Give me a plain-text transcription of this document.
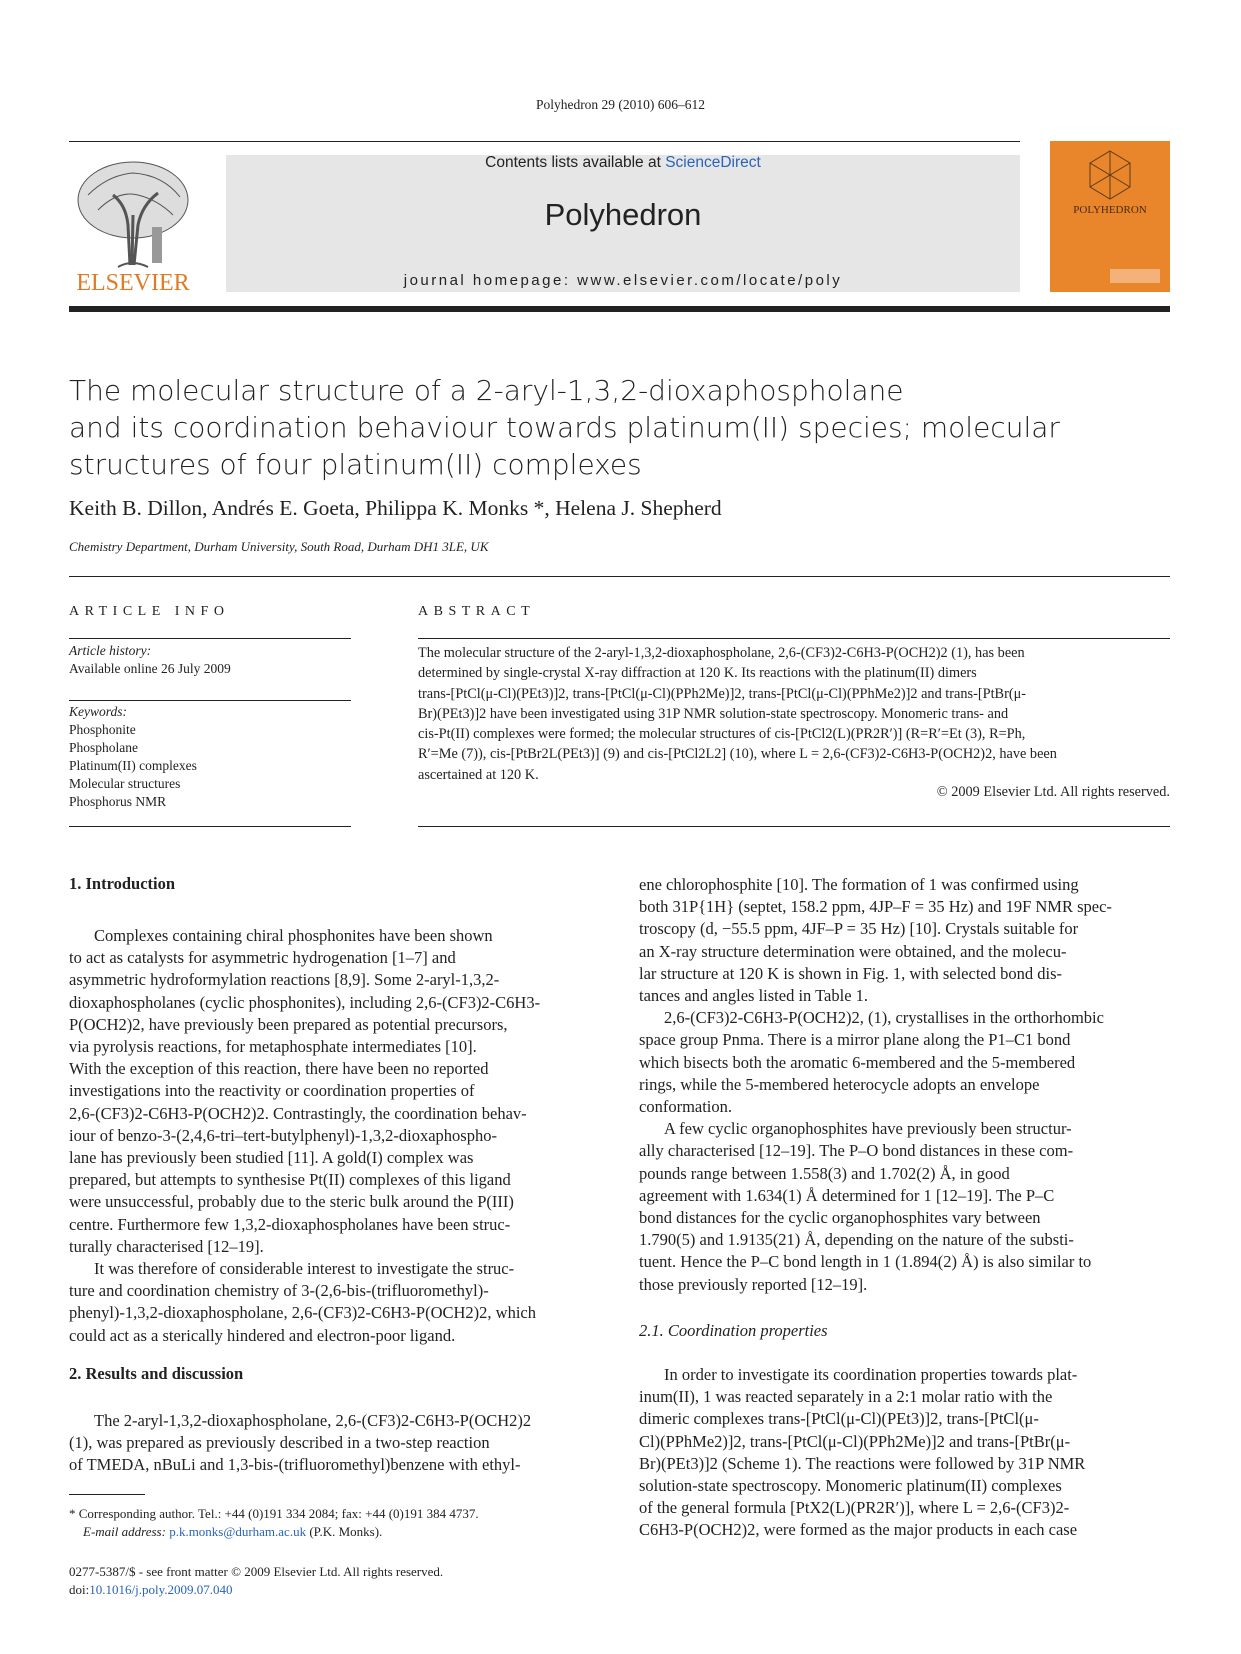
Polyhedron 29 (2010) 606–612
ELSEVIER
Contents lists available at ScienceDirect
Polyhedron
journal homepage: www.elsevier.com/locate/poly
POLYHEDRON
The molecular structure of a 2-aryl-1,3,2-dioxaphospholane
and its coordination behaviour towards platinum(II) species; molecular
structures of four platinum(II) complexes
Keith B. Dillon, Andrés E. Goeta, Philippa K. Monks *, Helena J. Shepherd
Chemistry Department, Durham University, South Road, Durham DH1 3LE, UK
ARTICLE INFO
Article history:
Available online 26 July 2009
Keywords:
Phosphonite
Phospholane
Platinum(II) complexes
Molecular structures
Phosphorus NMR
ABSTRACT
The molecular structure of the 2-aryl-1,3,2-dioxaphospholane, 2,6-(CF3)2-C6H3-P(OCH2)2 (1), has been
determined by single-crystal X-ray diffraction at 120 K. Its reactions with the platinum(II) dimers
trans-[PtCl(μ-Cl)(PEt3)]2, trans-[PtCl(μ-Cl)(PPh2Me)]2, trans-[PtCl(μ-Cl)(PPhMe2)]2 and trans-[PtBr(μ-
Br)(PEt3)]2 have been investigated using 31P NMR solution-state spectroscopy. Monomeric trans- and
cis-Pt(II) complexes were formed; the molecular structures of cis-[PtCl2(L)(PR2R′)] (R=R′=Et (3), R=Ph,
R′=Me (7)), cis-[PtBr2L(PEt3)] (9) and cis-[PtCl2L2] (10), where L = 2,6-(CF3)2-C6H3-P(OCH2)2, have been
ascertained at 120 K.
© 2009 Elsevier Ltd. All rights reserved.
1. Introduction

Complexes containing chiral phosphonites have been shown

to act as catalysts for asymmetric hydrogenation [1–7] and

asymmetric hydroformylation reactions [8,9]. Some 2-aryl-1,3,2-

dioxaphospholanes (cyclic phosphonites), including 2,6-(CF3)2-C6H3-

P(OCH2)2, have previously been prepared as potential precursors,

via pyrolysis reactions, for metaphosphate intermediates [10].

With the exception of this reaction, there have been no reported

investigations into the reactivity or coordination properties of

2,6-(CF3)2-C6H3-P(OCH2)2. Contrastingly, the coordination behav-

iour of benzo-3-(2,4,6-tri–tert-butylphenyl)-1,3,2-dioxaphospho-

lane has previously been studied [11]. A gold(I) complex was

prepared, but attempts to synthesise Pt(II) complexes of this ligand

were unsuccessful, probably due to the steric bulk around the P(III)

centre. Furthermore few 1,3,2-dioxaphospholanes have been struc-

turally characterised [12–19].

It was therefore of considerable interest to investigate the struc-

ture and coordination chemistry of 3-(2,6-bis-(trifluoromethyl)-

phenyl)-1,3,2-dioxaphospholane, 2,6-(CF3)2-C6H3-P(OCH2)2, which

could act as a sterically hindered and electron-poor ligand.

2. Results and discussion

The 2-aryl-1,3,2-dioxaphospholane, 2,6-(CF3)2-C6H3-P(OCH2)2

(1), was prepared as previously described in a two-step reaction

of TMEDA, nBuLi and 1,3-bis-(trifluoromethyl)benzene with ethyl-

ene chlorophosphite [10]. The formation of 1 was confirmed using

both 31P{1H} (septet, 158.2 ppm, 4JP–F = 35 Hz) and 19F NMR spec-

troscopy (d, −55.5 ppm, 4JF–P = 35 Hz) [10]. Crystals suitable for

an X-ray structure determination were obtained, and the molecu-

lar structure at 120 K is shown in Fig. 1, with selected bond dis-

tances and angles listed in Table 1.

2,6-(CF3)2-C6H3-P(OCH2)2, (1), crystallises in the orthorhombic

space group Pnma. There is a mirror plane along the P1–C1 bond

which bisects both the aromatic 6-membered and the 5-membered

rings, while the 5-membered heterocycle adopts an envelope

conformation.

A few cyclic organophosphites have previously been structur-

ally characterised [12–19]. The P–O bond distances in these com-

pounds range between 1.558(3) and 1.702(2) Å, in good

agreement with 1.634(1) Å determined for 1 [12–19]. The P–C

bond distances for the cyclic organophosphites vary between

1.790(5) and 1.9135(21) Å, depending on the nature of the substi-

tuent. Hence the P–C bond length in 1 (1.894(2) Å) is also similar to

those previously reported [12–19].

2.1. Coordination properties

In order to investigate its coordination properties towards plat-

inum(II), 1 was reacted separately in a 2:1 molar ratio with the

dimeric complexes trans-[PtCl(μ-Cl)(PEt3)]2, trans-[PtCl(μ-

Cl)(PPhMe2)]2, trans-[PtCl(μ-Cl)(PPh2Me)]2 and trans-[PtBr(μ-

Br)(PEt3)]2 (Scheme 1). The reactions were followed by 31P NMR

solution-state spectroscopy. Monomeric platinum(II) complexes

of the general formula [PtX2(L)(PR2R′)], where L = 2,6-(CF3)2-

C6H3-P(OCH2)2, were formed as the major products in each case

* Corresponding author. Tel.: +44 (0)191 334 2084; fax: +44 (0)191 384 4737.
E-mail address: p.k.monks@durham.ac.uk (P.K. Monks).
0277-5387/$ - see front matter © 2009 Elsevier Ltd. All rights reserved.
doi:10.1016/j.poly.2009.07.040
